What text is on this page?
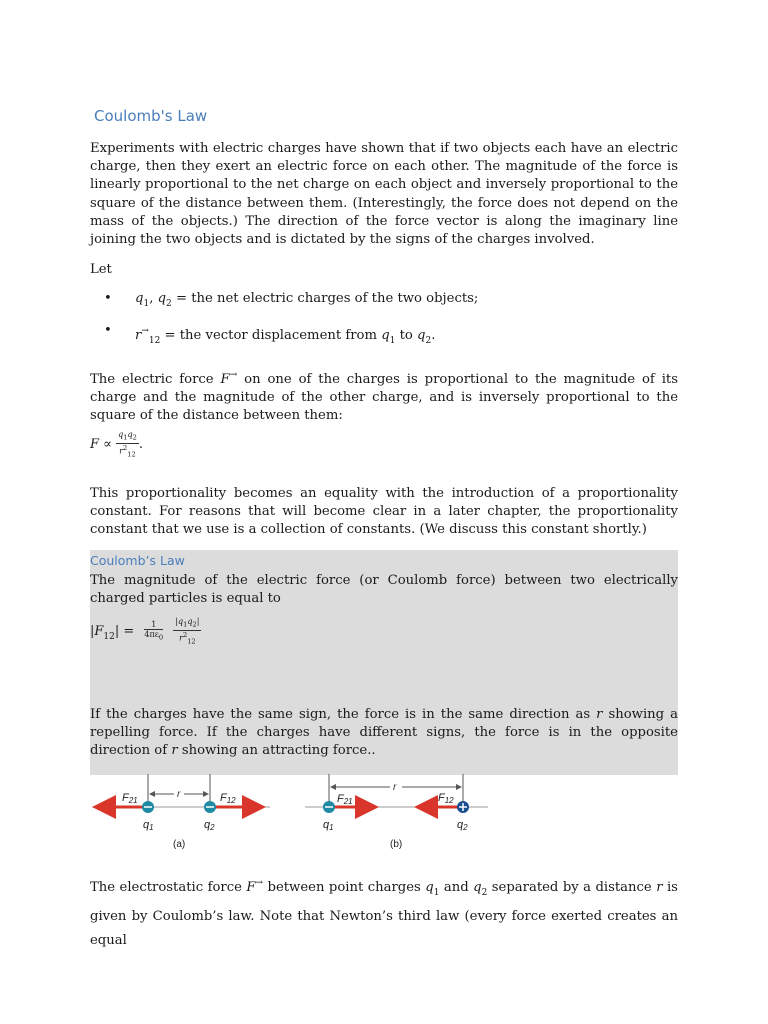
Coulomb's Law

Experiments with electric charges have shown that if two objects each have an electric charge, then they exert an electric force on each other. The magnitude of the force is linearly proportional to the net charge on each object and inversely proportional to the square of the distance between them. (Interestingly, the force does not depend on the mass of the objects.) The direction of the force vector is along the imaginary line joining the two objects and is dictated by the signs of the charges involved.

Let

• $q_1$, $q_2$ = the net electric charges of the two objects;
• $r^\to_{12}$ = the vector displacement from $q_1$ to $q_2$.

The electric force F→ on one of the charges is proportional to the magnitude of its charge and the magnitude of the other charge, and is inversely proportional to the square of the distance between them:

$F \propto \frac{q_1q_2}{r^2_{12}}$ .

This proportionality becomes an equality with the introduction of a proportionality constant. For reasons that will become clear in a later chapter, the proportionality constant that we use is a collection of constants. (We discuss this constant shortly.)

Coulomb’s Law

The magnitude of the electric force (or Coulomb force) between two electrically charged particles is equal to

$|F_{12}| = \frac{1}{4\pi\varepsilon_0}$
$\frac{|q_1q_2|}{r^2_{12}}$

If the charges have the same sign, the force is in the same direction as r showing a repelling force. If the charges have different signs, the force is in the opposite direction of r showing an attracting force..

The electrostatic force F→ between point charges $q_1$ and $q_2$ separated by a distance r is given by Coulomb’s law. Note that Newton’s third law (every force exerted creates an equal

r
F21	F12
q1	q2
(a)
r
F21	F12
q1	q2
(b)
